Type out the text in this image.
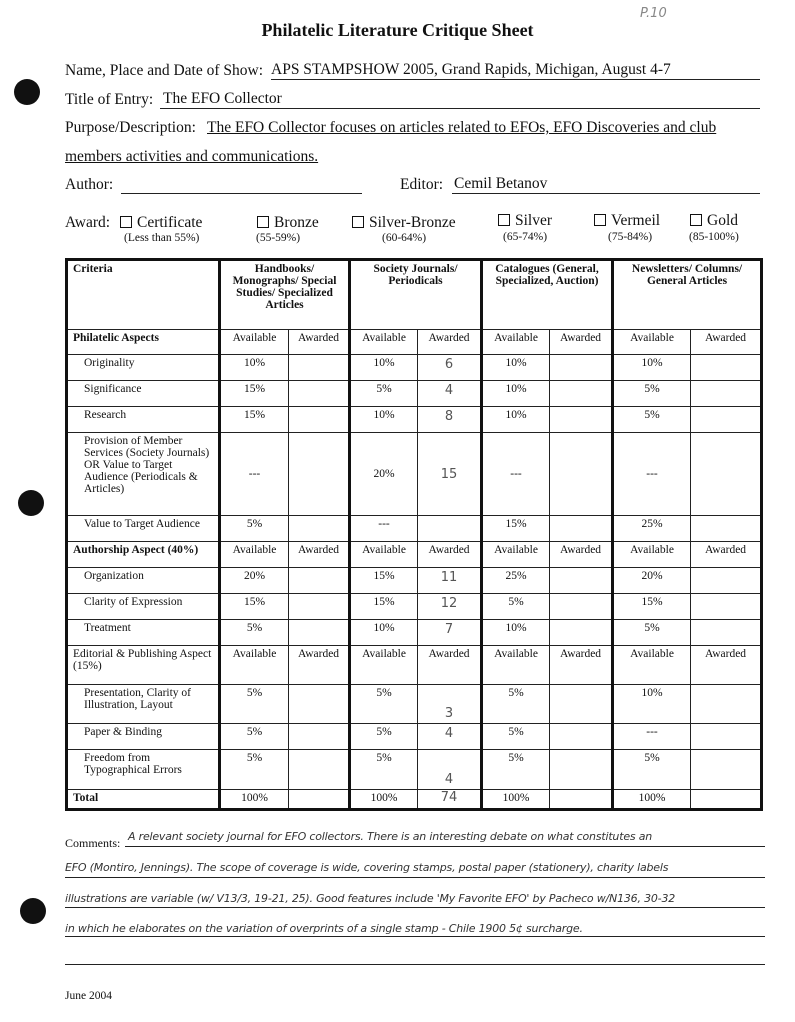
P.10
Philatelic Literature Critique Sheet
Name, Place and Date of Show: APS STAMPSHOW 2005, Grand Rapids, Michigan, August 4-7
Title of Entry: The EFO Collector
Purpose/Description: The EFO Collector focuses on articles related to EFOs, EFO Discoveries and club
members activities and communications.
Author:	Editor: Cemil Betanov
Award:	Certificate
(Less than 55%)
Bronze
(55-59%)
Silver-Bronze
(60-64%)
Silver
(65-74%)
Vermeil
(75-84%)
Gold
(85-100%)
Criteria	Handbooks/ Monographs/ Special Studies/ Specialized Articles		Society Journals/ Periodicals		Catalogues (General, Specialized, Auction)		Newsletters/ Columns/ General Articles	
Philatelic Aspects	Available	Awarded	Available	Awarded	Available	Awarded	Available	Awarded
Originality	10%		10%	6	10%		10%	
Significance	15%		5%	4	10%		5%	
Research	15%		10%	8	10%		5%	
Provision of Member Services (Society Journals) OR Value to Target Audience (Periodicals & Articles)	---		20%	15	---		---	
Value to Target Audience	5%		---		15%		25%	
Authorship Aspect (40%)	Available	Awarded	Available	Awarded	Available	Awarded	Available	Awarded
Organization	20%		15%	11	25%		20%	
Clarity of Expression	15%		15%	12	5%		15%	
Treatment	5%		10%	7	10%		5%	
Editorial & Publishing Aspect (15%)	Available	Awarded	Available	Awarded	Available	Awarded	Available	Awarded
Presentation, Clarity of Illustration, Layout	5%		5%	3	5%		10%	
Paper & Binding	5%		5%	4	5%		---	
Freedom from Typographical Errors	5%		5%	4	5%		5%	
Total	100%		100%	74	100%		100%	
Comments: A relevant society journal for EFO collectors. There is an interesting debate on what constitutes an
EFO (Montiro, Jennings). The scope of coverage is wide, covering stamps, postal paper (stationery), charity labels
illustrations are variable (w/ V13/3, 19-21, 25). Good features include 'My Favorite EFO' by Pacheco w/N136, 30-32
in which he elaborates on the variation of overprints of a single stamp - Chile 1900 5¢ surcharge.
June 2004
